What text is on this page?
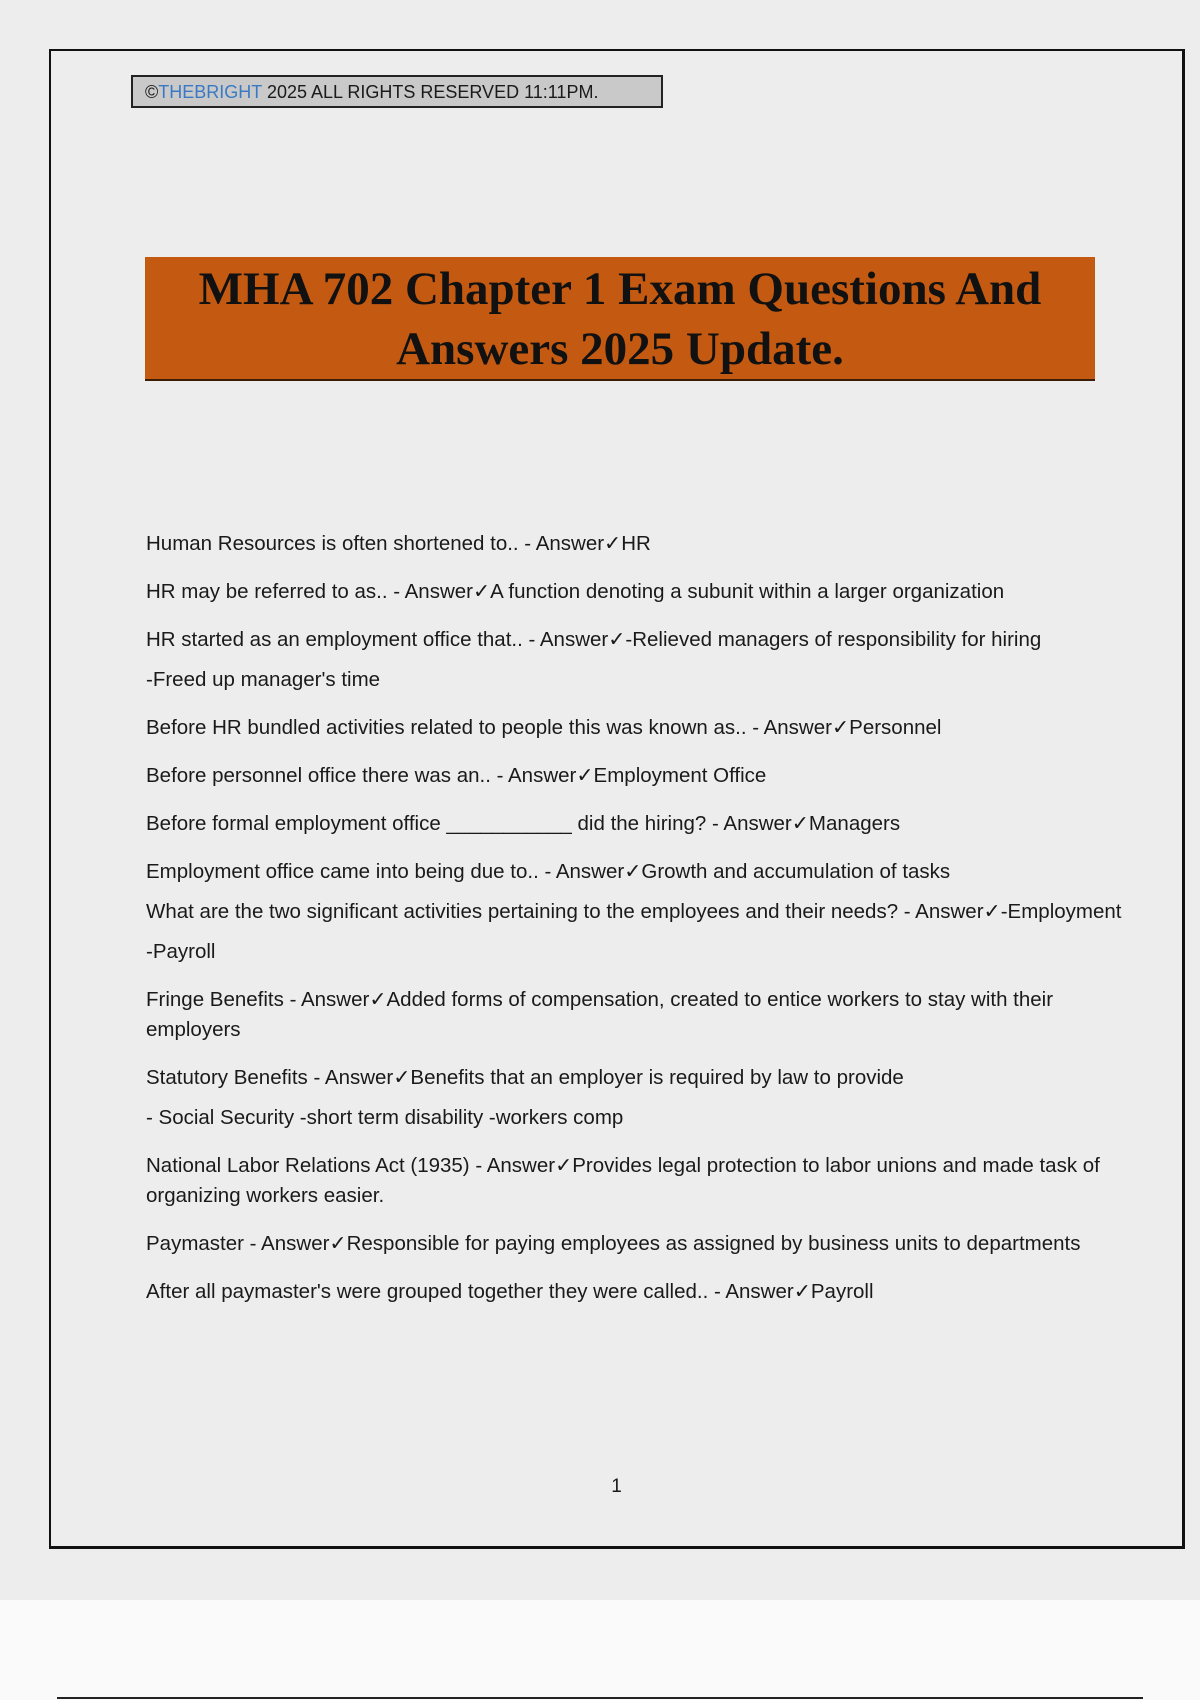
©THEBRIGHT 2025 ALL RIGHTS RESERVED 11:11PM.

MHA 702 Chapter 1 Exam Questions And

Answers 2025 Update.

Human Resources is often shortened to.. - Answer✓HR
HR may be referred to as.. - Answer✓A function denoting a subunit within a larger organization
HR started as an employment office that.. - Answer✓-Relieved managers of responsibility for hiring
-Freed up manager's time
Before HR bundled activities related to people this was known as.. - Answer✓Personnel
Before personnel office there was an.. - Answer✓Employment Office
Before formal employment office ___________ did the hiring? - Answer✓Managers
Employment office came into being due to.. - Answer✓Growth and accumulation of tasks
What are the two significant activities pertaining to the employees and their needs? - Answer✓-Employment
-Payroll
Fringe Benefits - Answer✓Added forms of compensation, created to entice workers to stay with their employers
Statutory Benefits - Answer✓Benefits that an employer is required by law to provide
- Social Security -short term disability -workers comp
National Labor Relations Act (1935) - Answer✓Provides legal protection to labor unions and made task of organizing workers easier.
Paymaster - Answer✓Responsible for paying employees as assigned by business units to departments
After all paymaster's were grouped together they were called.. - Answer✓Payroll
1
